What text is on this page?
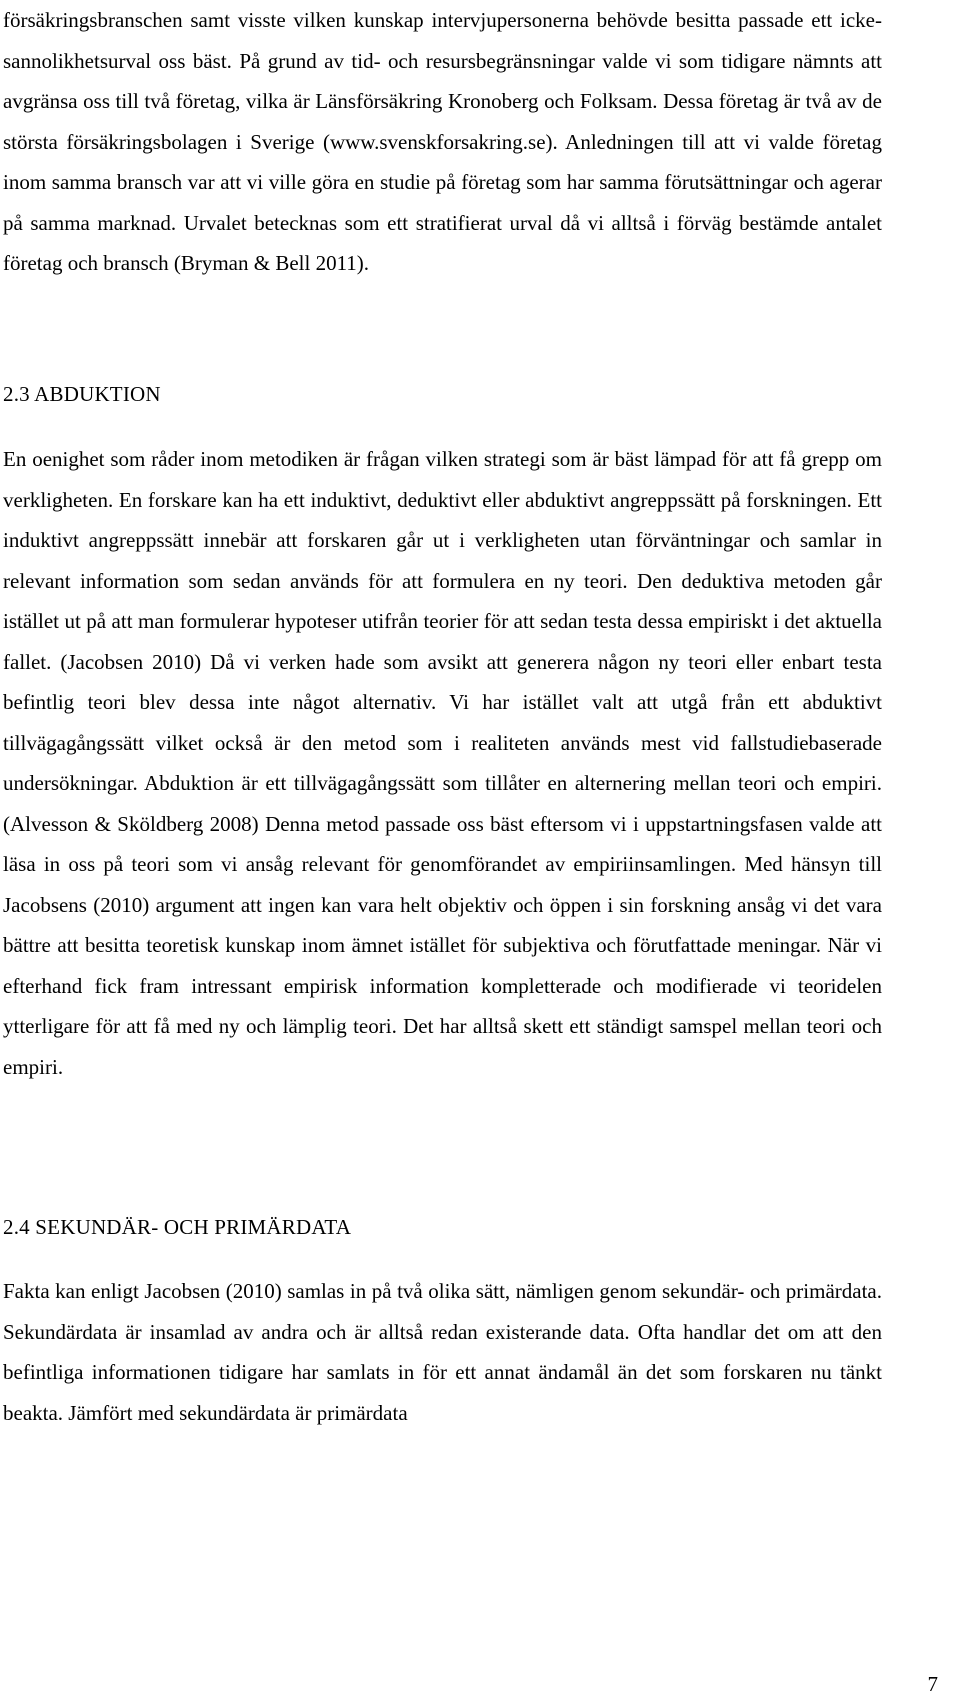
försäkringsbranschen samt visste vilken kunskap intervjupersonerna behövde besitta passade ett icke-sannolikhetsurval oss bäst. På grund av tid- och resursbegränsningar valde vi som tidigare nämnts att avgränsa oss till två företag, vilka är Länsförsäkring Kronoberg och Folksam. Dessa företag är två av de största försäkringsbolagen i Sverige (www.svenskforsakring.se). Anledningen till att vi valde företag inom samma bransch var att vi ville göra en studie på företag som har samma förutsättningar och agerar på samma marknad. Urvalet betecknas som ett stratifierat urval då vi alltså i förväg bestämde antalet företag och bransch (Bryman & Bell 2011).

2.3 ABDUKTION

En oenighet som råder inom metodiken är frågan vilken strategi som är bäst lämpad för att få grepp om verkligheten. En forskare kan ha ett induktivt, deduktivt eller abduktivt angreppssätt på forskningen. Ett induktivt angreppssätt innebär att forskaren går ut i verkligheten utan förväntningar och samlar in relevant information som sedan används för att formulera en ny teori. Den deduktiva metoden går istället ut på att man formulerar hypoteser utifrån teorier för att sedan testa dessa empiriskt i det aktuella fallet. (Jacobsen 2010) Då vi verken hade som avsikt att generera någon ny teori eller enbart testa befintlig teori blev dessa inte något alternativ. Vi har istället valt att utgå från ett abduktivt tillvägagångssätt vilket också är den metod som i realiteten används mest vid fallstudiebaserade undersökningar. Abduktion är ett tillvägagångssätt som tillåter en alternering mellan teori och empiri. (Alvesson & Sköldberg 2008) Denna metod passade oss bäst eftersom vi i uppstartningsfasen valde att läsa in oss på teori som vi ansåg relevant för genomförandet av empiriinsamlingen. Med hänsyn till Jacobsens (2010) argument att ingen kan vara helt objektiv och öppen i sin forskning ansåg vi det vara bättre att besitta teoretisk kunskap inom ämnet istället för subjektiva och förutfattade meningar. När vi efterhand fick fram intressant empirisk information kompletterade och modifierade vi teoridelen ytterligare för att få med ny och lämplig teori. Det har alltså skett ett ständigt samspel mellan teori och empiri.

2.4 SEKUNDÄR- OCH PRIMÄRDATA

Fakta kan enligt Jacobsen (2010) samlas in på två olika sätt, nämligen genom sekundär- och primärdata. Sekundärdata är insamlad av andra och är alltså redan existerande data. Ofta handlar det om att den befintliga informationen tidigare har samlats in för ett annat ändamål än det som forskaren nu tänkt beakta. Jämfört med sekundärdata är primärdata

7
